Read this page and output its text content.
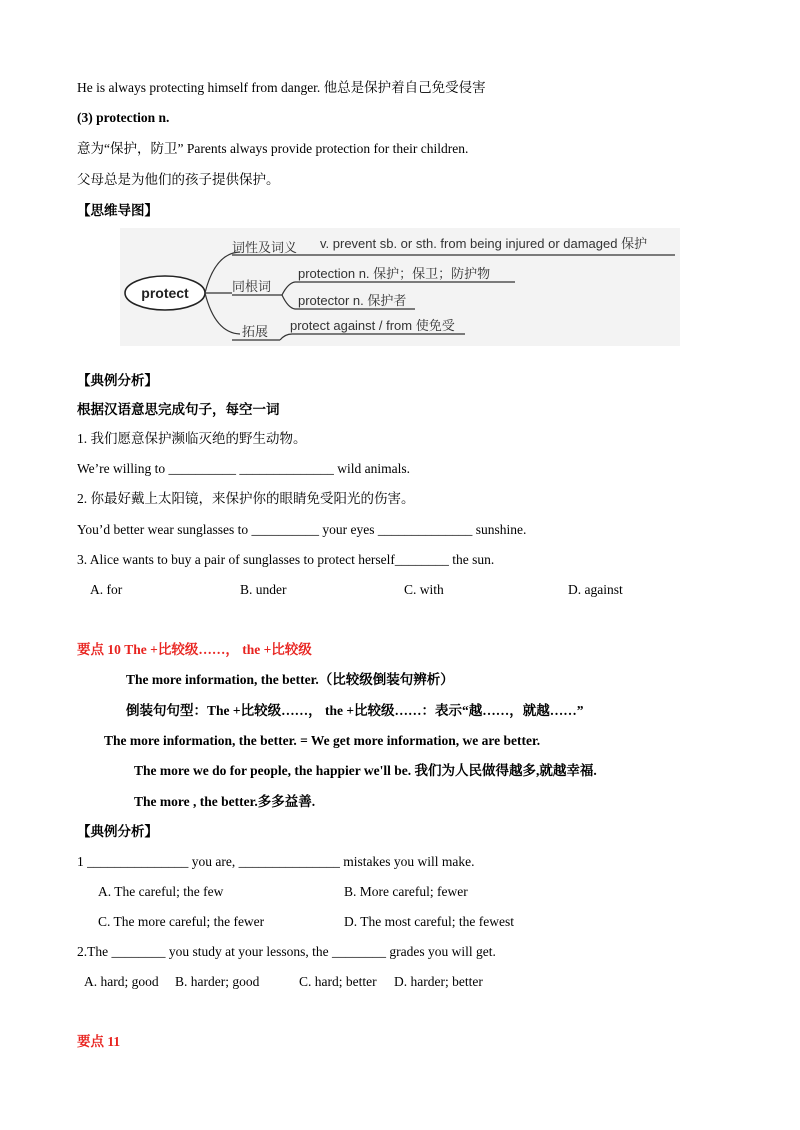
He is always protecting himself from danger. 他总是保护着自己免受侵害
(3) protection n.
意为“保护，防卫” Parents always provide protection for their children.
父母总是为他们的孩子提供保护。
【思维导图】
protect
词性及词义
同根词
拓展
v. prevent sb. or sth. from being injured or damaged 保护
protection n. 保护；保卫；防护物
protector n. 保护者
protect against / from 使免受
【典例分析】
根据汉语意思完成句子，每空一词
1. 我们愿意保护濒临灭绝的野生动物。
We’re willing to __________ ______________ wild animals.
2. 你最好戴上太阳镜，来保护你的眼睛免受阳光的伤害。
You’d better wear sunglasses to __________ your eyes ______________ sunshine.
3. Alice wants to buy a pair of sunglasses to protect herself________ the sun.
A. for	B. under	C. with	D. against
要点 10 The +比较级……， the +比较级
The more information, the better.（比较级倒装句辨析）
倒装句句型：The +比较级……， the +比较级……：表示“越……，就越……”
The more information, the better. = We get more information, we are better.
The more we do for people, the happier we'll be. 我们为人民做得越多,就越幸福.
The more , the better.多多益善.
【典例分析】
1 _______________ you are, _______________ mistakes you will make.
A. The careful; the few	B. More careful; fewer
C. The more careful; the fewer	D. The most careful; the fewest
2.The ________ you study at your lessons, the ________ grades you will get.
A. hard; good B. harder; good	C. hard; better D. harder; better
要点 11
